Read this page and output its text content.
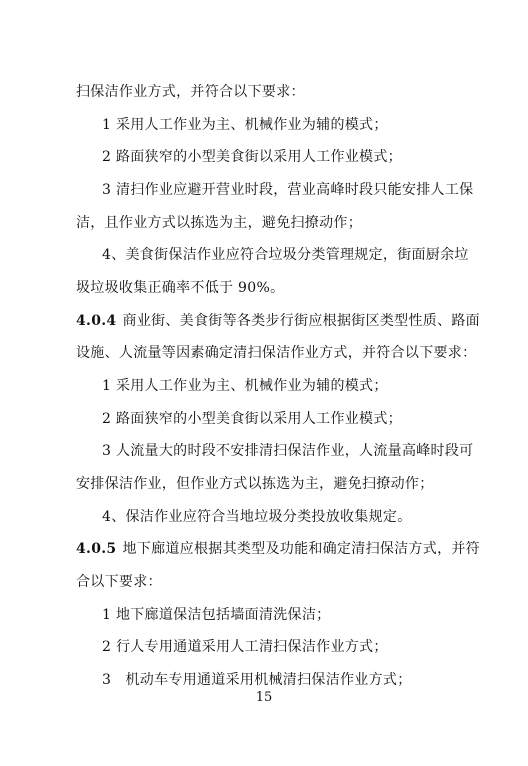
扫保洁作业方式，并符合以下要求：
1 采用人工作业为主、机械作业为辅的模式；
2 路面狭窄的小型美食街以采用人工作业模式；
3 清扫作业应避开营业时段，营业高峰时段只能安排人工保
洁，且作业方式以拣选为主，避免扫撩动作；
4、美食街保洁作业应符合垃圾分类管理规定，街面厨余垃
圾垃圾收集正确率不低于 90%。
4.0.4 商业街、美食街等各类步行街应根据街区类型性质、路面
设施、人流量等因素确定清扫保洁作业方式，并符合以下要求：
1 采用人工作业为主、机械作业为辅的模式；
2 路面狭窄的小型美食街以采用人工作业模式；
3 人流量大的时段不安排清扫保洁作业，人流量高峰时段可
安排保洁作业，但作业方式以拣选为主，避免扫撩动作；
4、保洁作业应符合当地垃圾分类投放收集规定。
4.0.5 地下廊道应根据其类型及功能和确定清扫保洁方式，并符
合以下要求：
1 地下廊道保洁包括墙面清洗保洁；
2 行人专用通道采用人工清扫保洁作业方式；
3　机动车专用通道采用机械清扫保洁作业方式；
15
